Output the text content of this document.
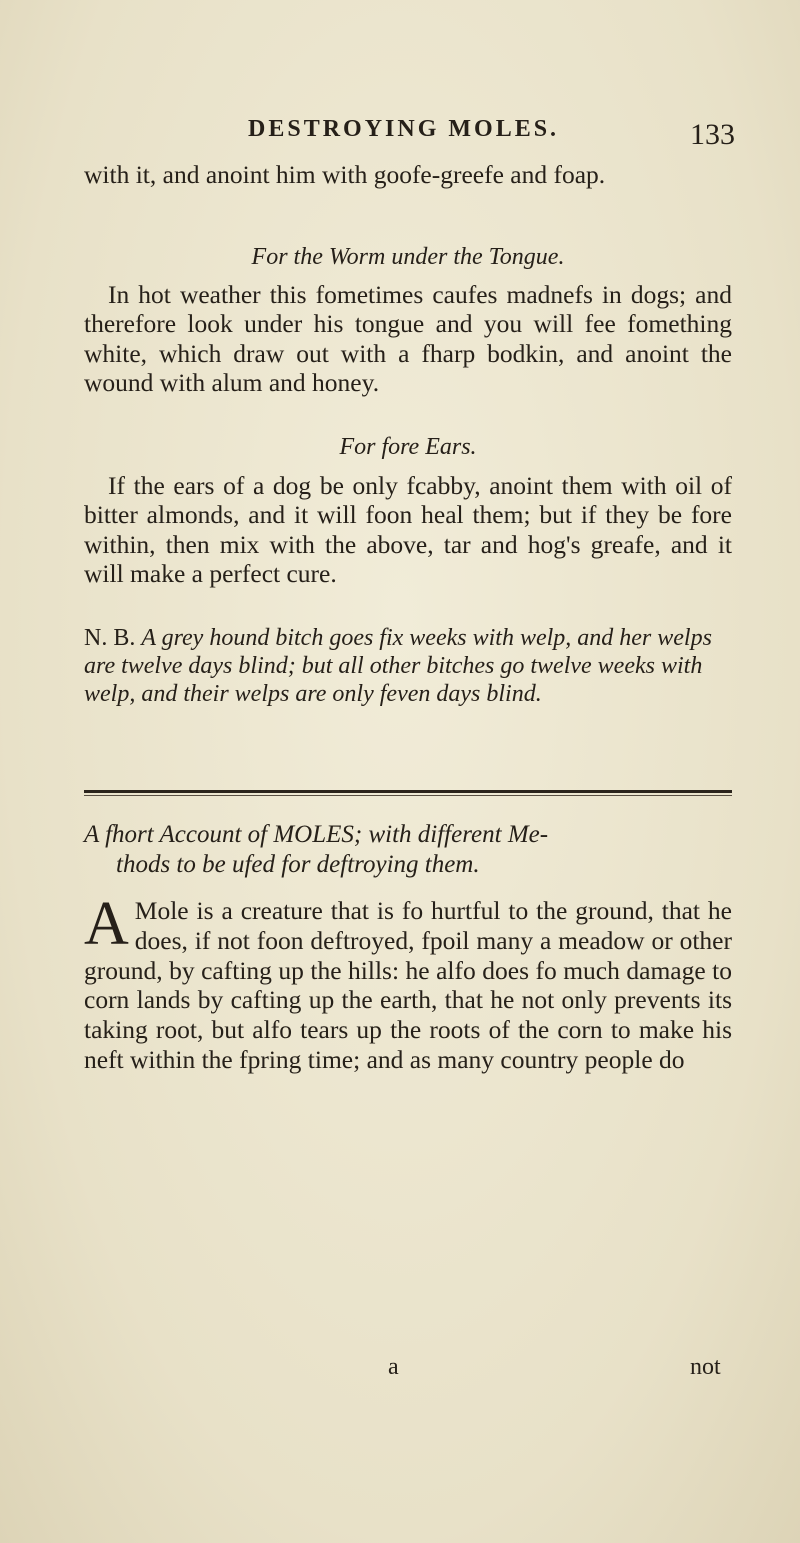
DESTROYING MOLES.	133

with it, and anoint him with goofe-greefe and foap.

For the Worm under the Tongue.

In hot weather this fometimes caufes madnefs in dogs; and therefore look under his tongue and you will fee fomething white, which draw out with a fharp bodkin, and anoint the wound with alum and honey.

For fore Ears.

If the ears of a dog be only fcabby, anoint them with oil of bitter almonds, and it will foon heal them; but if they be fore within, then mix with the above, tar and hog's greafe, and it will make a perfect cure.

N. B. A grey hound bitch goes fix weeks with welp, and her welps are twelve days blind; but all other bitches go twelve weeks with welp, and their welps are only feven days blind.

A fhort Account of MOLES; with different Me-
thods to be ufed for deftroying them.

A Mole is a creature that is fo hurtful to the ground, that he does, if not foon deftroyed, fpoil many a meadow or other ground, by cafting up the hills: he alfo does fo much damage to corn lands by cafting up the earth, that he not only prevents its taking root, but alfo tears up the roots of the corn to make his neft within the fpring time; and as many country people do

a	not
